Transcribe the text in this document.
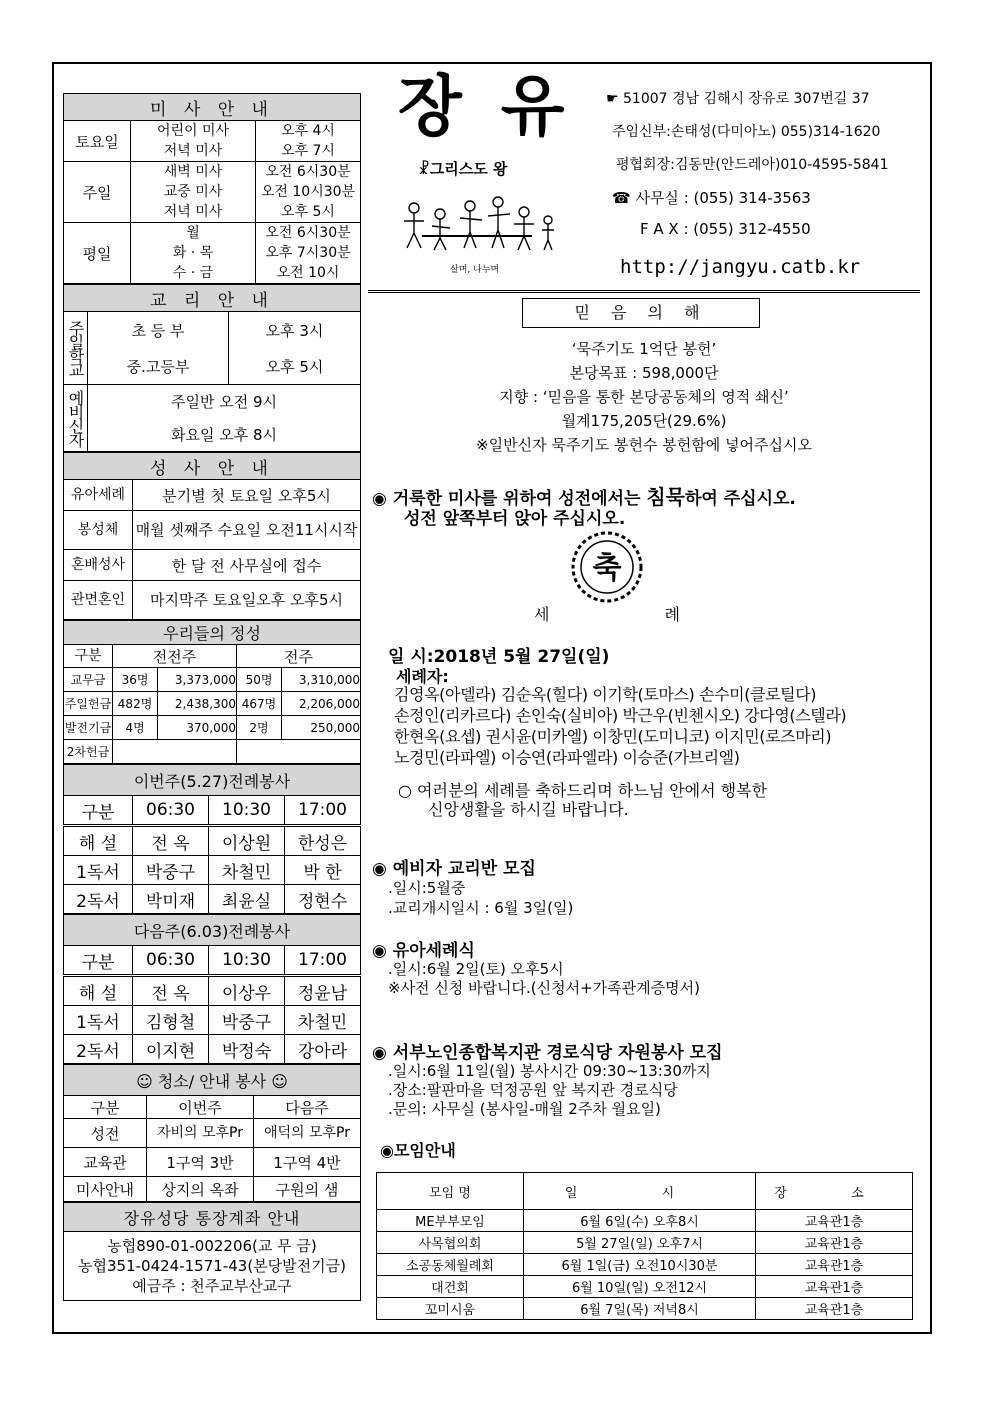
미 사 안 내		
토요일	어린이 미사	오후 4시
	저녁 미사	오후 7시
주일	새벽 미사	오전 6시30분
	교중 미사	오전 10시30분
	저녁 미사	오후 5시
평일	월	오전 6시30분
	화 · 목	오후 7시30분
	수 · 금	오전 10시
교 리 안 내		
주일학교	초 등 부	오후 3시
	중.고등부	오후 5시
예비신자	주일반 오전 9시	
	화요일 오후 8시	
성 사 안 내	
유아세례	분기별 첫 토요일 오후5시
봉성체	매월 셋째주 수요일 오전11시시작
혼배성사	한 달 전 사무실에 접수
관면혼인	마지막주 토요일오후 오후5시
우리들의 정성				
구분	전전주		전주	
교무금	36명	3,373,000	50명	3,310,000
주일헌금	482명	2,438,300	467명	2,206,000
발전기금	4명	370,000	2명	250,000
2차헌금				
이번주(5.27)전례봉사			
구분	06:30	10:30	17:00
해 설	전 옥	이상원	한성은
1독서	박중구	차철민	박 한
2독서	박미재	최윤실	정현수
다음주(6.03)전례봉사			
구분	06:30	10:30	17:00
해 설	전 옥	이상우	정윤남
1독서	김형철	박중구	차철민
2독서	이지현	박정숙	강아라
☺ 청소/ 안내 봉사 ☺		
구분	이번주	다음주
성전	자비의 모후Pr	애덕의 모후Pr
교육관	1구역 3반	1구역 4반
미사안내	상지의 옥좌	구원의 샘
장유성당 통장계좌 안내

농협890-01-002206(교 무 금)
농협351-0424-1571-43(본당발전기금)
예금주 : 천주교부산교구
장 유
☧그리스도 왕
살며, 나누며
☛ 51007 경남 김해시 장유로 307번길 37
주임신부:손태성(다미아노) 055)314-1620
평협회장:김동만(안드레아)010-4595-5841
☎ 사무실 : (055) 314-3563
F A X : (055) 312-4550
http://jangyu.catb.kr
믿 음 의 해
‘묵주기도 1억단 봉헌’
본당목표 : 598,000단
지향 : ‘믿음을 통한 본당공동체의 영적 쇄신’
월계175,205단(29.6%)
※일반신자 묵주기도 봉헌수 봉헌함에 넣어주십시오
◉ 거룩한 미사를 위하여 성전에서는 침묵하여 주십시오.
성전 앞쪽부터 앉아 주십시오.
축
세 례
일 시:2018년 5월 27일(일)
세례자:
김영옥(아델라) 김순옥(힐다) 이기학(토마스) 손수미(클로틸다)
손정인(리카르다) 손인숙(실비아) 박근우(빈첸시오) 강다영(스텔라)
한현옥(요셉) 권시윤(미카엘) 이창민(도미니코) 이지민(로즈마리)
노경민(라파엘) 이승연(라파엘라) 이승준(가브리엘)
○ 여러분의 세례를 축하드리며 하느님 안에서 행복한
신앙생활을 하시길 바랍니다.
◉ 예비자 교리반 모집
.일시:5월중
.교리개시일시 : 6월 3일(일)
◉ 유아세례식
.일시:6월 2일(토) 오후5시
※사전 신청 바랍니다.(신청서+가족관계증명서)
◉ 서부노인종합복지관 경로식당 자원봉사 모집
.일시:6월 11일(월) 봉사시간 09:30~13:30까지
.장소:팔판마을 덕정공원 앞 복지관 경로식당
.문의: 사무실 (봉사일-매월 2주차 월요일)
◉모임안내
모임 명	일 시	장 소
ME부부모임	6월 6일(수) 오후8시	교육관1층
사목협의회	5월 27일(일) 오후7시	교육관1층
소공동체월례회	6월 1일(금) 오전10시30분	교육관1층
대건회	6월 10일(일) 오전12시	교육관1층
꼬미시움	6월 7일(목) 저녁8시	교육관1층
